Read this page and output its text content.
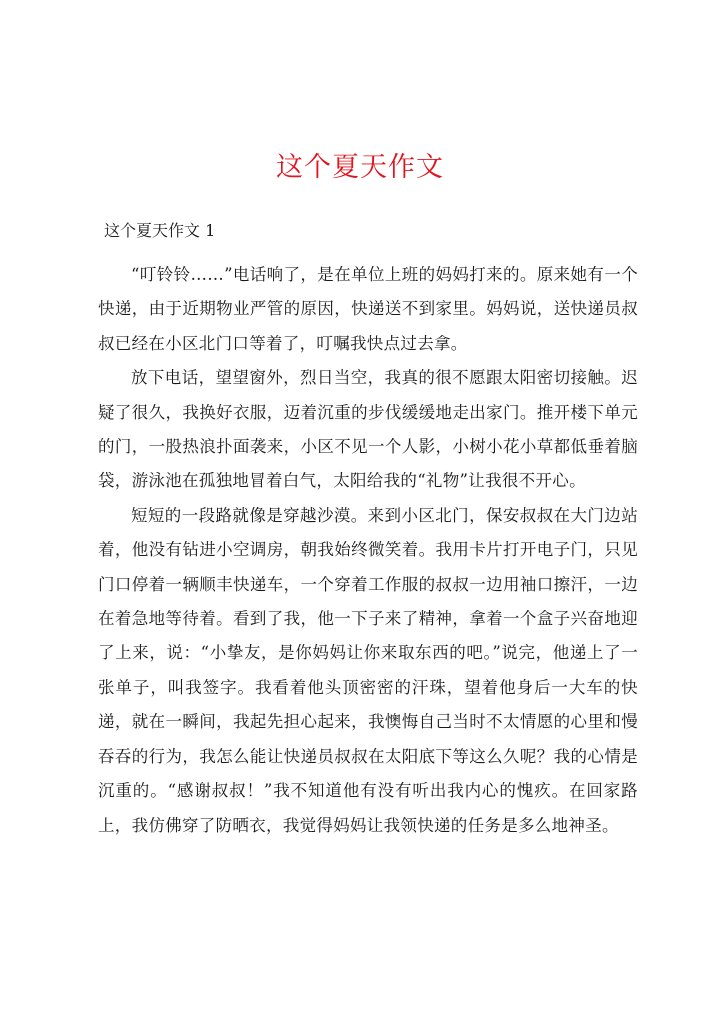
这个夏天作文
这个夏天作文 1

“叮铃铃……”电话响了，是在单位上班的妈妈打来的。原来她有一个快递，由于近期物业严管的原因，快递送不到家里。妈妈说，送快递员叔叔已经在小区北门口等着了，叮嘱我快点过去拿。

放下电话，望望窗外，烈日当空，我真的很不愿跟太阳密切接触。迟疑了很久，我换好衣服，迈着沉重的步伐缓缓地走出家门。推开楼下单元的门，一股热浪扑面袭来，小区不见一个人影，小树小花小草都低垂着脑袋，游泳池在孤独地冒着白气，太阳给我的“礼物”让我很不开心。

短短的一段路就像是穿越沙漠。来到小区北门，保安叔叔在大门边站着，他没有钻进小空调房，朝我始终微笑着。我用卡片打开电子门，只见门口停着一辆顺丰快递车，一个穿着工作服的叔叔一边用袖口擦汗，一边在着急地等待着。看到了我，他一下子来了精神，拿着一个盒子兴奋地迎了上来，说：“小挚友，是你妈妈让你来取东西的吧。”说完，他递上了一张单子，叫我签字。我看着他头顶密密的汗珠，望着他身后一大车的快递，就在一瞬间，我起先担心起来，我懊悔自己当时不太情愿的心里和慢吞吞的行为，我怎么能让快递员叔叔在太阳底下等这么久呢？我的心情是沉重的。“感谢叔叔！”我不知道他有没有听出我内心的愧疚。在回家路上，我仿佛穿了防晒衣，我觉得妈妈让我领快递的任务是多么地神圣。
